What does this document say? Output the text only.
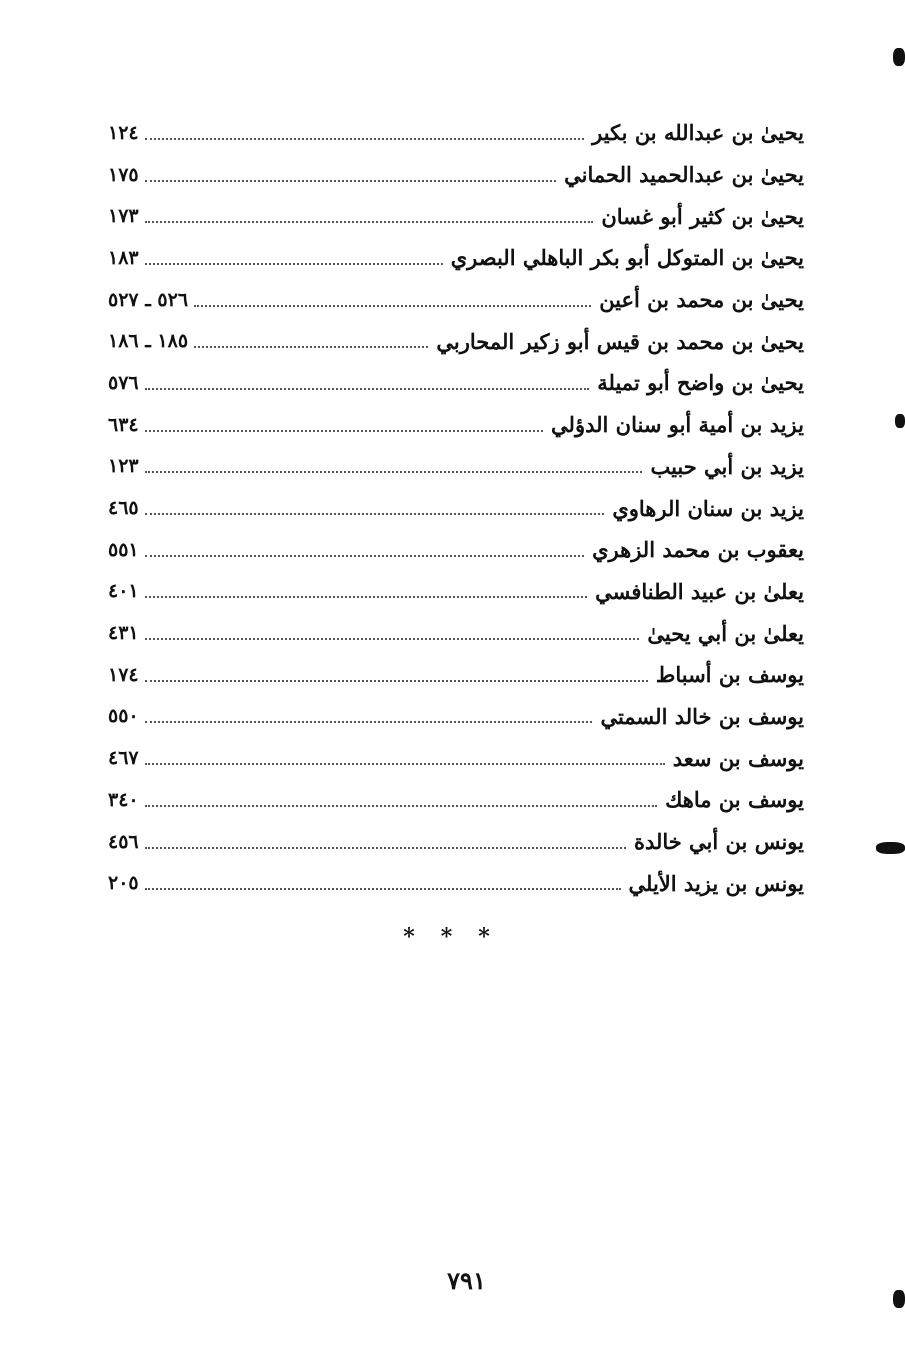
يحيىٰ بن عبدالله بن بكير
١٢٤
يحيىٰ بن عبدالحميد الحماني
١٧٥
يحيىٰ بن كثير أبو غسان
١٧٣
يحيىٰ بن المتوكل أبو بكر الباهلي البصري
١٨٣
يحيىٰ بن محمد بن أعين
٥٢٦ ـ ٥٢٧
يحيىٰ بن محمد بن قيس أبو زكير المحاربي
١٨٥ ـ ١٨٦
يحيىٰ بن واضح أبو تميلة
٥٧٦
يزيد بن أمية أبو سنان الدؤلي
٦٣٤
يزيد بن أبي حبيب
١٢٣
يزيد بن سنان الرهاوي
٤٦٥
يعقوب بن محمد الزهري
٥٥١
يعلىٰ بن عبيد الطنافسي
٤٠١
يعلىٰ بن أبي يحيىٰ
٤٣١
يوسف بن أسباط
١٧٤
يوسف بن خالد السمتي
٥٥٠
يوسف بن سعد
٤٦٧
يوسف بن ماهك
٣٤٠
يونس بن أبي خالدة
٤٥٦
يونس بن يزيد الأيلي
٢٠٥
***
٧٩١
